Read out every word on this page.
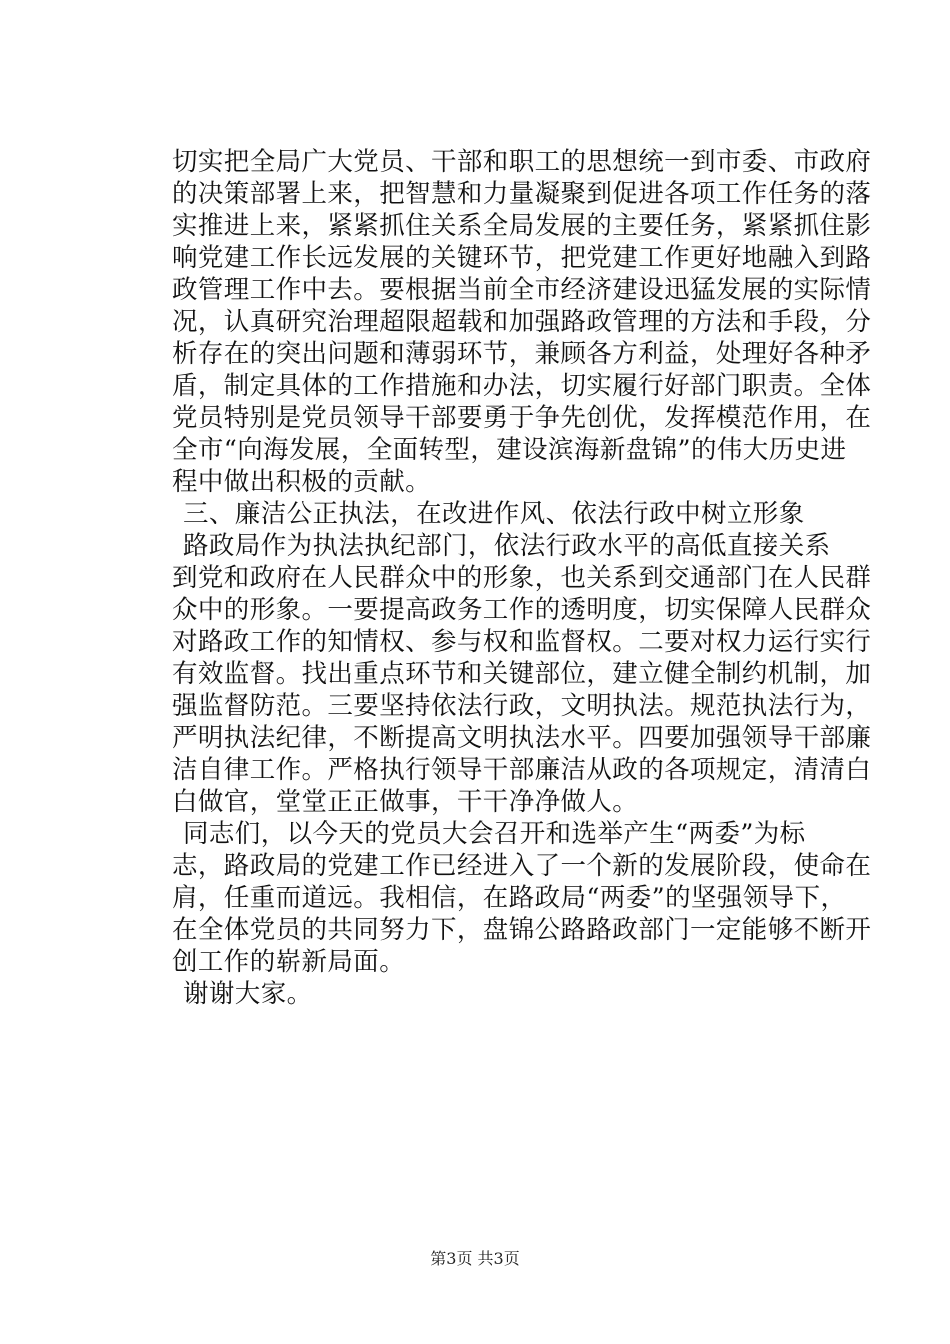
切实把全局广大党员、干部和职工的思想统一到市委、市政府
的决策部署上来，把智慧和力量凝聚到促进各项工作任务的落
实推进上来，紧紧抓住关系全局发展的主要任务，紧紧抓住影
响党建工作长远发展的关键环节，把党建工作更好地融入到路
政管理工作中去。要根据当前全市经济建设迅猛发展的实际情
况，认真研究治理超限超载和加强路政管理的方法和手段，分
析存在的突出问题和薄弱环节，兼顾各方利益，处理好各种矛
盾，制定具体的工作措施和办法，切实履行好部门职责。全体
党员特别是党员领导干部要勇于争先创优，发挥模范作用，在
全市“向海发展，全面转型，建设滨海新盘锦”的伟大历史进
程中做出积极的贡献。
三、廉洁公正执法，在改进作风、依法行政中树立形象
路政局作为执法执纪部门，依法行政水平的高低直接关系
到党和政府在人民群众中的形象，也关系到交通部门在人民群
众中的形象。一要提高政务工作的透明度，切实保障人民群众
对路政工作的知情权、参与权和监督权。二要对权力运行实行
有效监督。找出重点环节和关键部位，建立健全制约机制，加
强监督防范。三要坚持依法行政，文明执法。规范执法行为，
严明执法纪律，不断提高文明执法水平。四要加强领导干部廉
洁自律工作。严格执行领导干部廉洁从政的各项规定，清清白
白做官，堂堂正正做事，干干净净做人。
同志们，以今天的党员大会召开和选举产生“两委”为标
志，路政局的党建工作已经进入了一个新的发展阶段，使命在
肩，任重而道远。我相信，在路政局“两委”的坚强领导下，
在全体党员的共同努力下，盘锦公路路政部门一定能够不断开
创工作的崭新局面。
谢谢大家。
第3页 共3页
